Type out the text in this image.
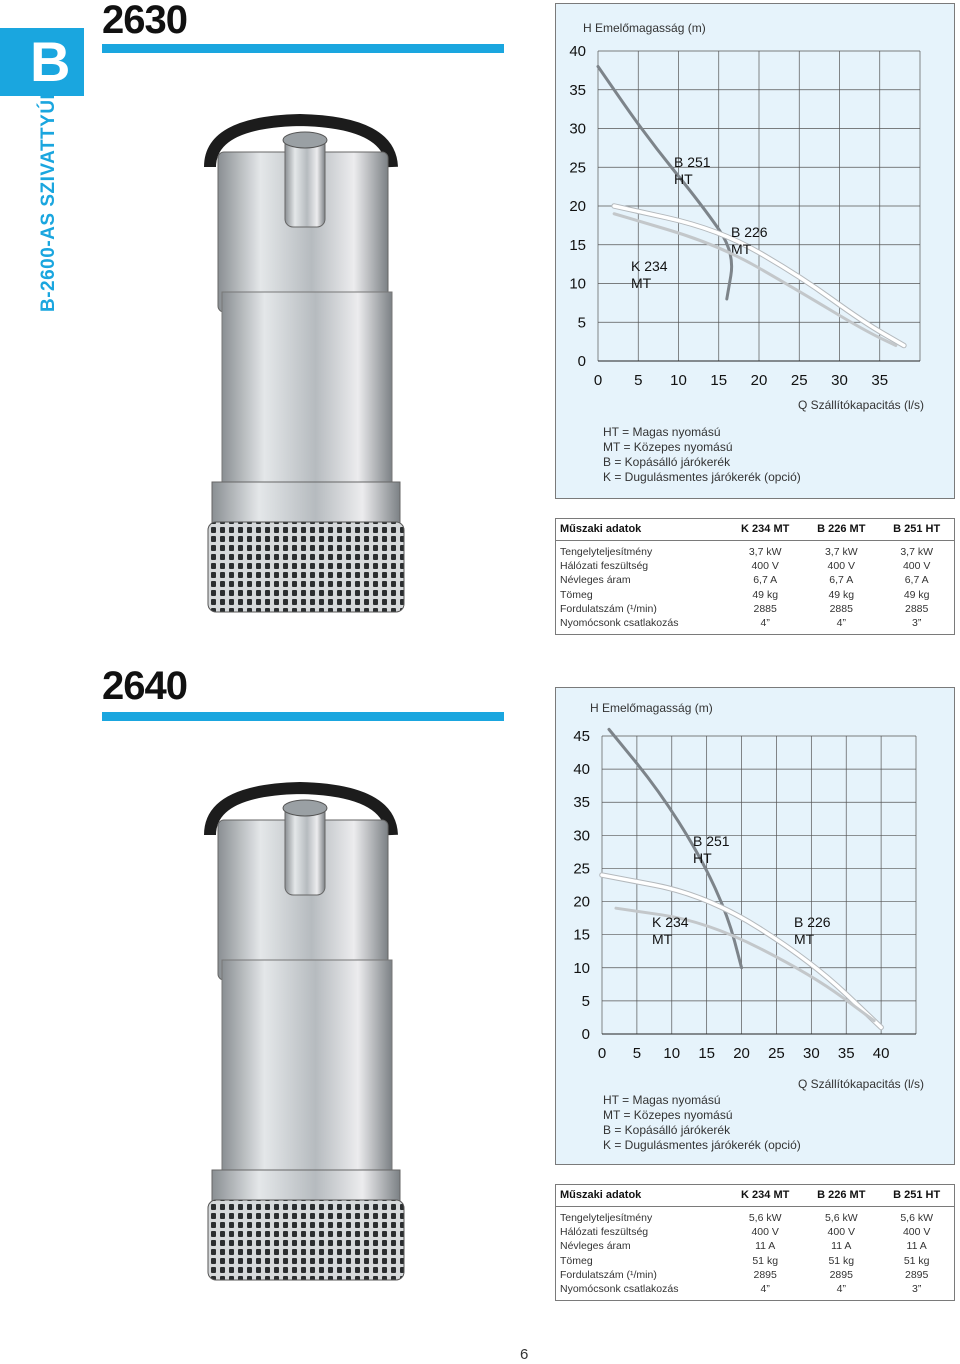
B
B-2600-AS SZIVATTYÚK
2630	H Emelőmagasság (m)
0
5
10
15
20
25
30
35
40
0 5 10 15 20 25 30 35
B 251
HT
B 226
MT
K 234
MT
Q Szállítókapacitás (l/s)
HT = Magas nyomású
MT = Közepes nyomású
B = Kopásálló járókerék
K = Dugulásmentes járókerék (opció)
Műszaki adatok	K 234 MT	B 226 MT	B 251 HT
Tengelyteljesítmény	3,7 kW	3,7 kW	3,7 kW
Hálózati feszültség	400 V	400 V	400 V
Névleges áram	6,7 A	6,7 A	6,7 A
Tömeg	49 kg	49 kg	49 kg
Fordulatszám (¹/min)	2885	2885	2885
Nyomócsonk csatlakozás	4”	4”	3”
2640	H Emelőmagasság (m)
0
5
10
15
20
25
30
35
40
45
0 5 10 15 20 25 30 35 40
B 251
HT
B 226
MT
K 234
MT
Q Szállítókapacitás (l/s)
HT = Magas nyomású
MT = Közepes nyomású
B = Kopásálló járókerék
K = Dugulásmentes járókerék (opció)
Műszaki adatok	K 234 MT	B 226 MT	B 251 HT
Tengelyteljesítmény	5,6 kW	5,6 kW	5,6 kW
Hálózati feszültség	400 V	400 V	400 V
Névleges áram	11 A	11 A	11 A
Tömeg	51 kg	51 kg	51 kg
Fordulatszám (¹/min)	2895	2895	2895
Nyomócsonk csatlakozás	4”	4”	3”
6
